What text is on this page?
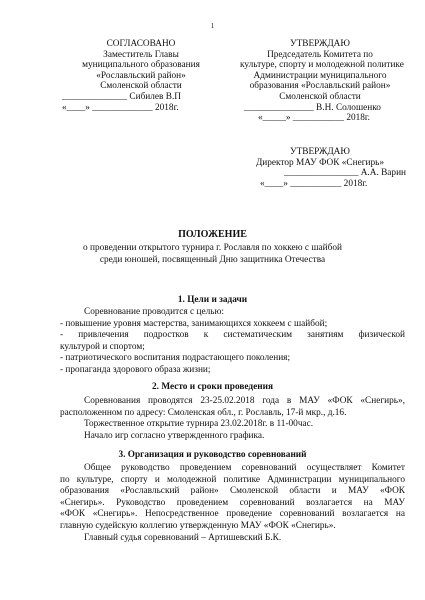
1
СОГЛАСОВАНО
Заместитель Главы
муниципального образования
«Рославльский район»
Смоленской области
______________ Сибилев В.П
«____» _____________ 2018г.
УТВЕРЖДАЮ
Председатель Комитета по
культуре, спорту и молодежной политике
Администрации муниципального
образования «Рославльский район»
Смоленской области
_______________ В.Н. Солошенко
«_____» ___________ 2018г.
УТВЕРЖДАЮ
Директор МАУ ФОК «Снегирь»
________________ А.А. Варин
«____» ___________ 2018г.
ПОЛОЖЕНИЕ
о проведении открытого турнира г. Рославля по хоккею с шайбой
среди юношей, посвященный Дню защитника Отечества
1. Цели и задачи
Соревнование проводится с целью:
- повышение уровня мастерства, занимающихся хоккеем с шайбой;
- привлечения подростков к систематическим занятиям физической
культурой и спортом;
- патриотического воспитания подрастающего поколения;
- пропаганда здорового образа жизни;
2. Место и сроки проведения
Соревнования проводятся 23-25.02.2018 года в МАУ «ФОК «Снегирь»,
расположенном по адресу: Смоленская обл., г. Рославль, 17-й мкр., д.16.
Торжественное открытие турнира 23.02.2018г. в 11-00час.
Начало игр согласно утвержденного графика.
3. Организация и руководство соревнований
Общее руководство проведением соревнований осуществляет Комитет
по культуре, спорту и молодежной политике Администрации муниципального
образования «Рославльский район» Смоленской области и МАУ «ФОК
«Снегирь». Руководство проведением соревнований возлагается на МАУ
«ФОК «Снегирь». Непосредственное проведение соревнований возлагается на
главную судейскую коллегию утвержденную МАУ «ФОК «Снегирь».
Главный судья соревнований – Артишевский Б.К.
